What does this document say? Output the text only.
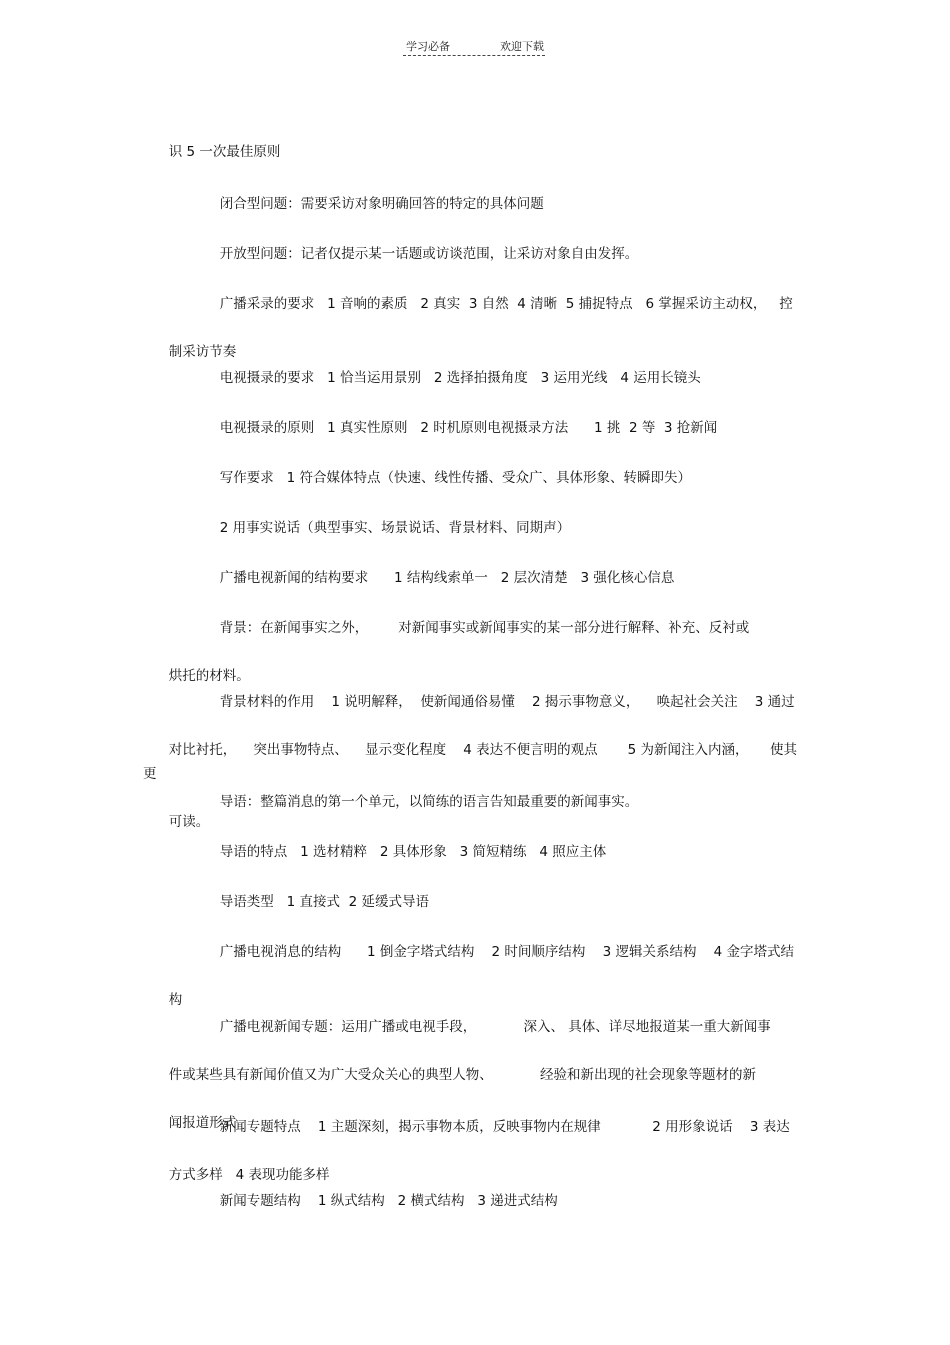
学习必备	欢迎下载

识 5 一次最佳原则

闭合型问题：需要采访对象明确回答的特定的具体问题

开放型问题：记者仅提示某一话题或访谈范围，让采访对象自由发挥。

广播采录的要求   1 音响的素质   2 真实  3 自然  4 清晰  5 捕捉特点   6 掌握采访主动权，   控

制采访节奏

电视摄录的要求   1 恰当运用景别   2 选择拍摄角度   3 运用光线   4 运用长镜头

电视摄录的原则   1 真实性原则   2 时机原则电视摄录方法      1 挑  2 等  3 抢新闻

写作要求   1 符合媒体特点（快速、线性传播、受众广、具体形象、转瞬即失）

2 用事实说话（典型事实、场景说话、背景材料、同期声）

广播电视新闻的结构要求      1 结构线索单一   2 层次清楚   3 强化核心信息

背景：在新闻事实之外，       对新闻事实或新闻事实的某一部分进行解释、补充、反衬或

烘托的材料。

背景材料的作用    1 说明解释，  使新闻通俗易懂    2 揭示事物意义，    唤起社会关注    3 通过

对比衬托，    突出事物特点、    显示变化程度    4 表达不便言明的观点       5 为新闻注入内涵，     使其更

可读。

导语：整篇消息的第一个单元，以简练的语言告知最重要的新闻事实。

导语的特点   1 选材精粹   2 具体形象   3 简短精练   4 照应主体

导语类型   1 直接式  2 延缓式导语

广播电视消息的结构      1 倒金字塔式结构    2 时间顺序结构    3 逻辑关系结构    4 金字塔式结

构

广播电视新闻专题：运用广播或电视手段，           深入、 具体、详尽地报道某一重大新闻事

件或某些具有新闻价值又为广大受众关心的典型人物、           经验和新出现的社会现象等题材的新

闻报道形式

新闻专题特点    1 主题深刻，揭示事物本质，反映事物内在规律            2 用形象说话    3 表达

方式多样   4 表现功能多样

新闻专题结构    1 纵式结构   2 横式结构   3 递进式结构
